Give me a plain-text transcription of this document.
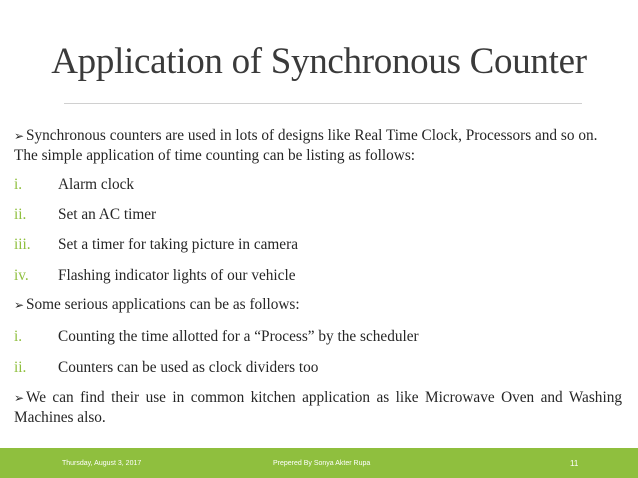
Application of Synchronous Counter
➢ Synchronous counters are used in lots of designs like Real Time Clock, Processors and so on. The simple application of time counting can be listing as follows:
i. Alarm clock
ii. Set an AC timer
iii. Set a timer for taking picture in camera
iv. Flashing indicator lights of our vehicle
➢ Some serious applications can be as follows:
i. Counting the time allotted for a “Process” by the scheduler
ii. Counters can be used as clock dividers too
➢ We can find their use in common kitchen application as like Microwave Oven and Washing Machines also.
Thursday, August 3, 2017	Prepered By Sonya Akter Rupa	11
